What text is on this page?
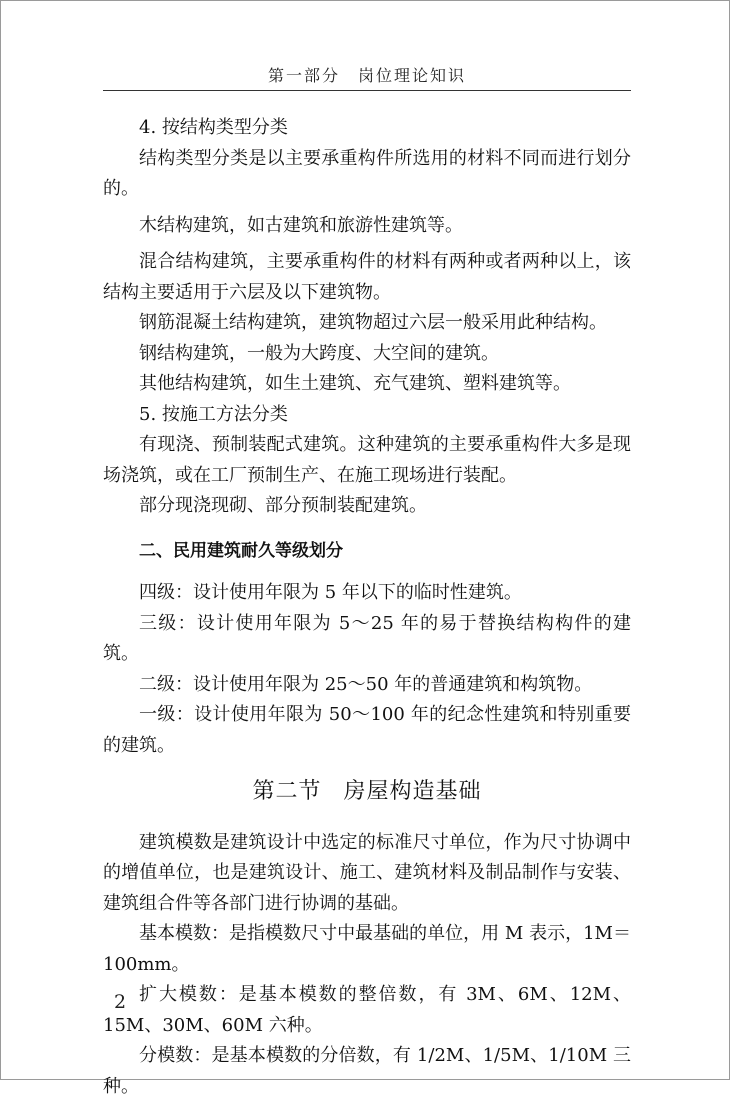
第一部分　岗位理论知识

4. 按结构类型分类

结构类型分类是以主要承重构件所选用的材料不同而进行划分的。

木结构建筑，如古建筑和旅游性建筑等。

混合结构建筑，主要承重构件的材料有两种或者两种以上，该结构主要适用于六层及以下建筑物。

钢筋混凝土结构建筑，建筑物超过六层一般采用此种结构。

钢结构建筑，一般为大跨度、大空间的建筑。

其他结构建筑，如生土建筑、充气建筑、塑料建筑等。

5. 按施工方法分类

有现浇、预制装配式建筑。这种建筑的主要承重构件大多是现场浇筑，或在工厂预制生产、在施工现场进行装配。

部分现浇现砌、部分预制装配建筑。

二、民用建筑耐久等级划分

四级：设计使用年限为 5 年以下的临时性建筑。

三级：设计使用年限为 5～25 年的易于替换结构构件的建筑。

二级：设计使用年限为 25～50 年的普通建筑和构筑物。

一级：设计使用年限为 50～100 年的纪念性建筑和特别重要的建筑。

第二节 房屋构造基础

建筑模数是建筑设计中选定的标准尺寸单位，作为尺寸协调中的增值单位，也是建筑设计、施工、建筑材料及制品制作与安装、建筑组合件等各部门进行协调的基础。

基本模数：是指模数尺寸中最基础的单位，用 M 表示，1M＝100mm。

扩大模数：是基本模数的整倍数，有 3M、6M、12M、15M、30M、60M 六种。

分模数：是基本模数的分倍数，有 1/2M、1/5M、1/10M 三种。

2
